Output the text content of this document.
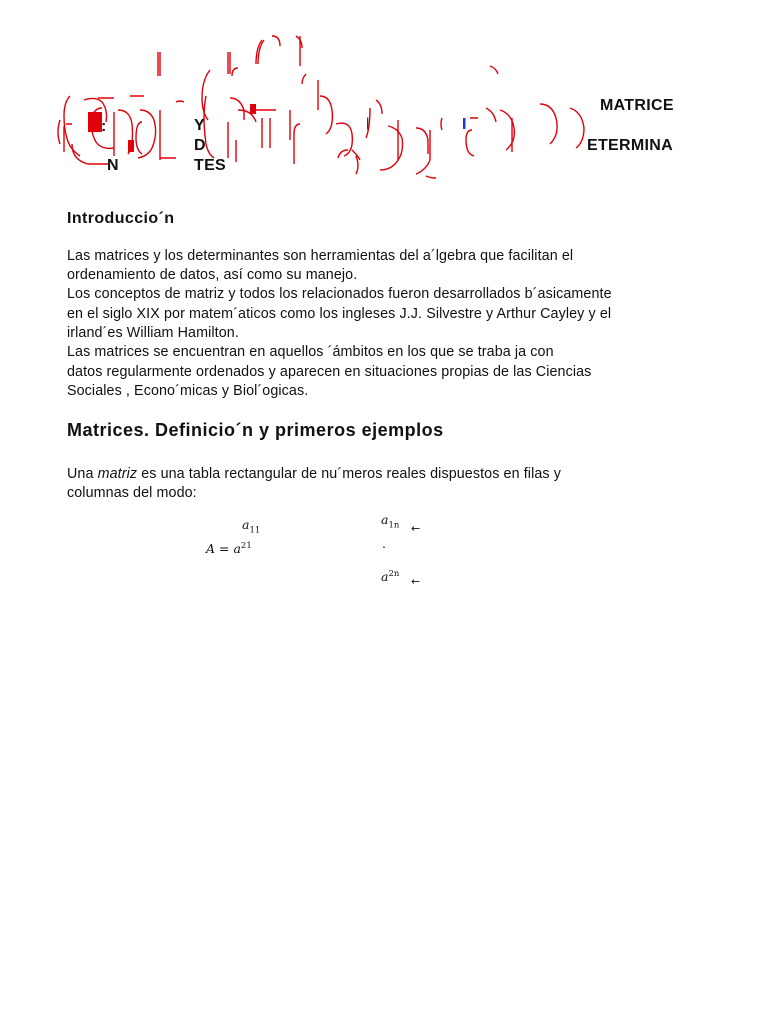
MATRICE
Y
:	|
ETERMINA
D
N	TES
Introduccio´n
Las matrices y los determinantes son herramientas del a´lgebra que facilitan el
ordenamiento de datos, así como su manejo.
Los conceptos de matriz y todos los relacionados fueron desarrollados b´asicamente
en el siglo XIX por matem´aticos como los ingleses J.J. Silvestre y Arthur Cayley y el
irland´es William Hamilton.
Las matrices se encuentran en aquellos ´ámbitos en los que se traba ja con
datos regularmente ordenados y aparecen en situaciones propias de las Ciencias
Sociales , Econo´micas y Biol´ogicas.
Matrices. Definicio´n y primeros ejemplos
Una matriz es una tabla rectangular de nu´meros reales dispuestos en filas y
columnas del modo:
$a_{11}$
$A = a^{21}$
$a_{1n}$ ←
.
$a^{2n}$
←
